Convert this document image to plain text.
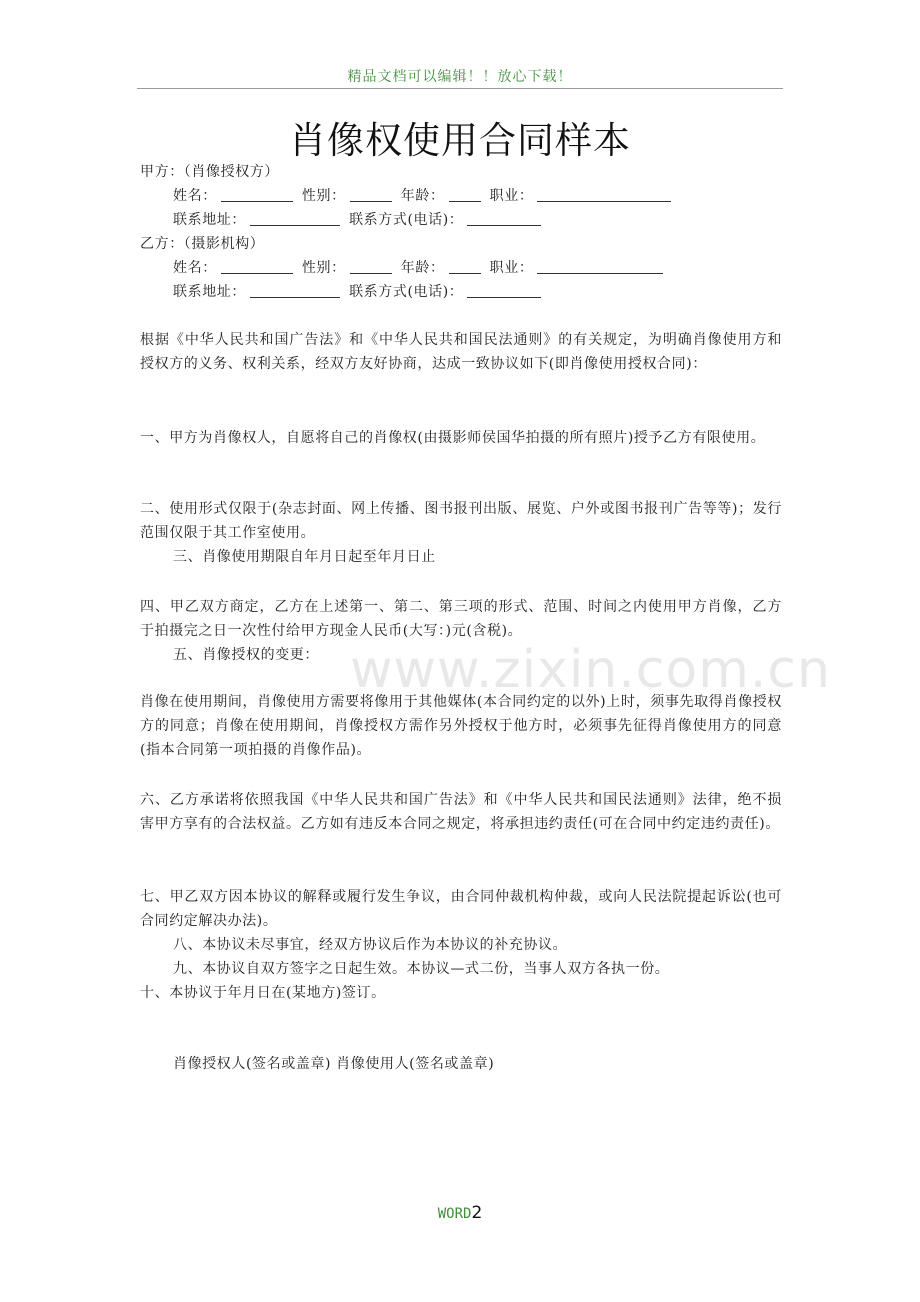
精品文档可以编辑！！放心下载！
肖像权使用合同样本
甲方：（肖像授权方）
姓名：	性别：	年龄：	职业：
联系地址：	联系方式(电话)：
乙方：（摄影机构）
姓名：	性别：	年龄：	职业：
联系地址：	联系方式(电话)：
根据《中华人民共和国广告法》和《中华人民共和国民法通则》的有关规定，为明确肖像使用方和授权方的义务、权利关系，经双方友好协商，达成一致协议如下(即肖像使用授权合同)：
一、甲方为肖像权人，自愿将自己的肖像权(由摄影师侯国华拍摄的所有照片)授予乙方有限使用。
二、使用形式仅限于(杂志封面、网上传播、图书报刊出版、展览、户外或图书报刊广告等等)；发行范围仅限于其工作室使用。
三、肖像使用期限自年月日起至年月日止
四、甲乙双方商定，乙方在上述第一、第二、第三项的形式、范围、时间之内使用甲方肖像，乙方于拍摄完之日一次性付给甲方现金人民币(大写：)元(含税)。
五、肖像授权的变更： www.zixin.com.cn
肖像在使用期间，肖像使用方需要将像用于其他媒体(本合同约定的以外)上时，须事先取得肖像授权方的同意；肖像在使用期间，肖像授权方需作另外授权于他方时，必须事先征得肖像使用方的同意(指本合同第一项拍摄的肖像作品)。
六、乙方承诺将依照我国《中华人民共和国广告法》和《中华人民共和国民法通则》法律，绝不损害甲方享有的合法权益。乙方如有违反本合同之规定，将承担违约责任(可在合同中约定违约责任)。
七、甲乙双方因本协议的解释或履行发生争议，由合同仲裁机构仲裁，或向人民法院提起诉讼(也可合同约定解决办法)。
八、本协议未尽事宜，经双方协议后作为本协议的补充协议。
九、本协议自双方签字之日起生效。本协议—式二份，当事人双方各执一份。
十、本协议于年月日在(某地方)签订。
肖像授权人(签名或盖章) 肖像使用人(签名或盖章)
WORD2
